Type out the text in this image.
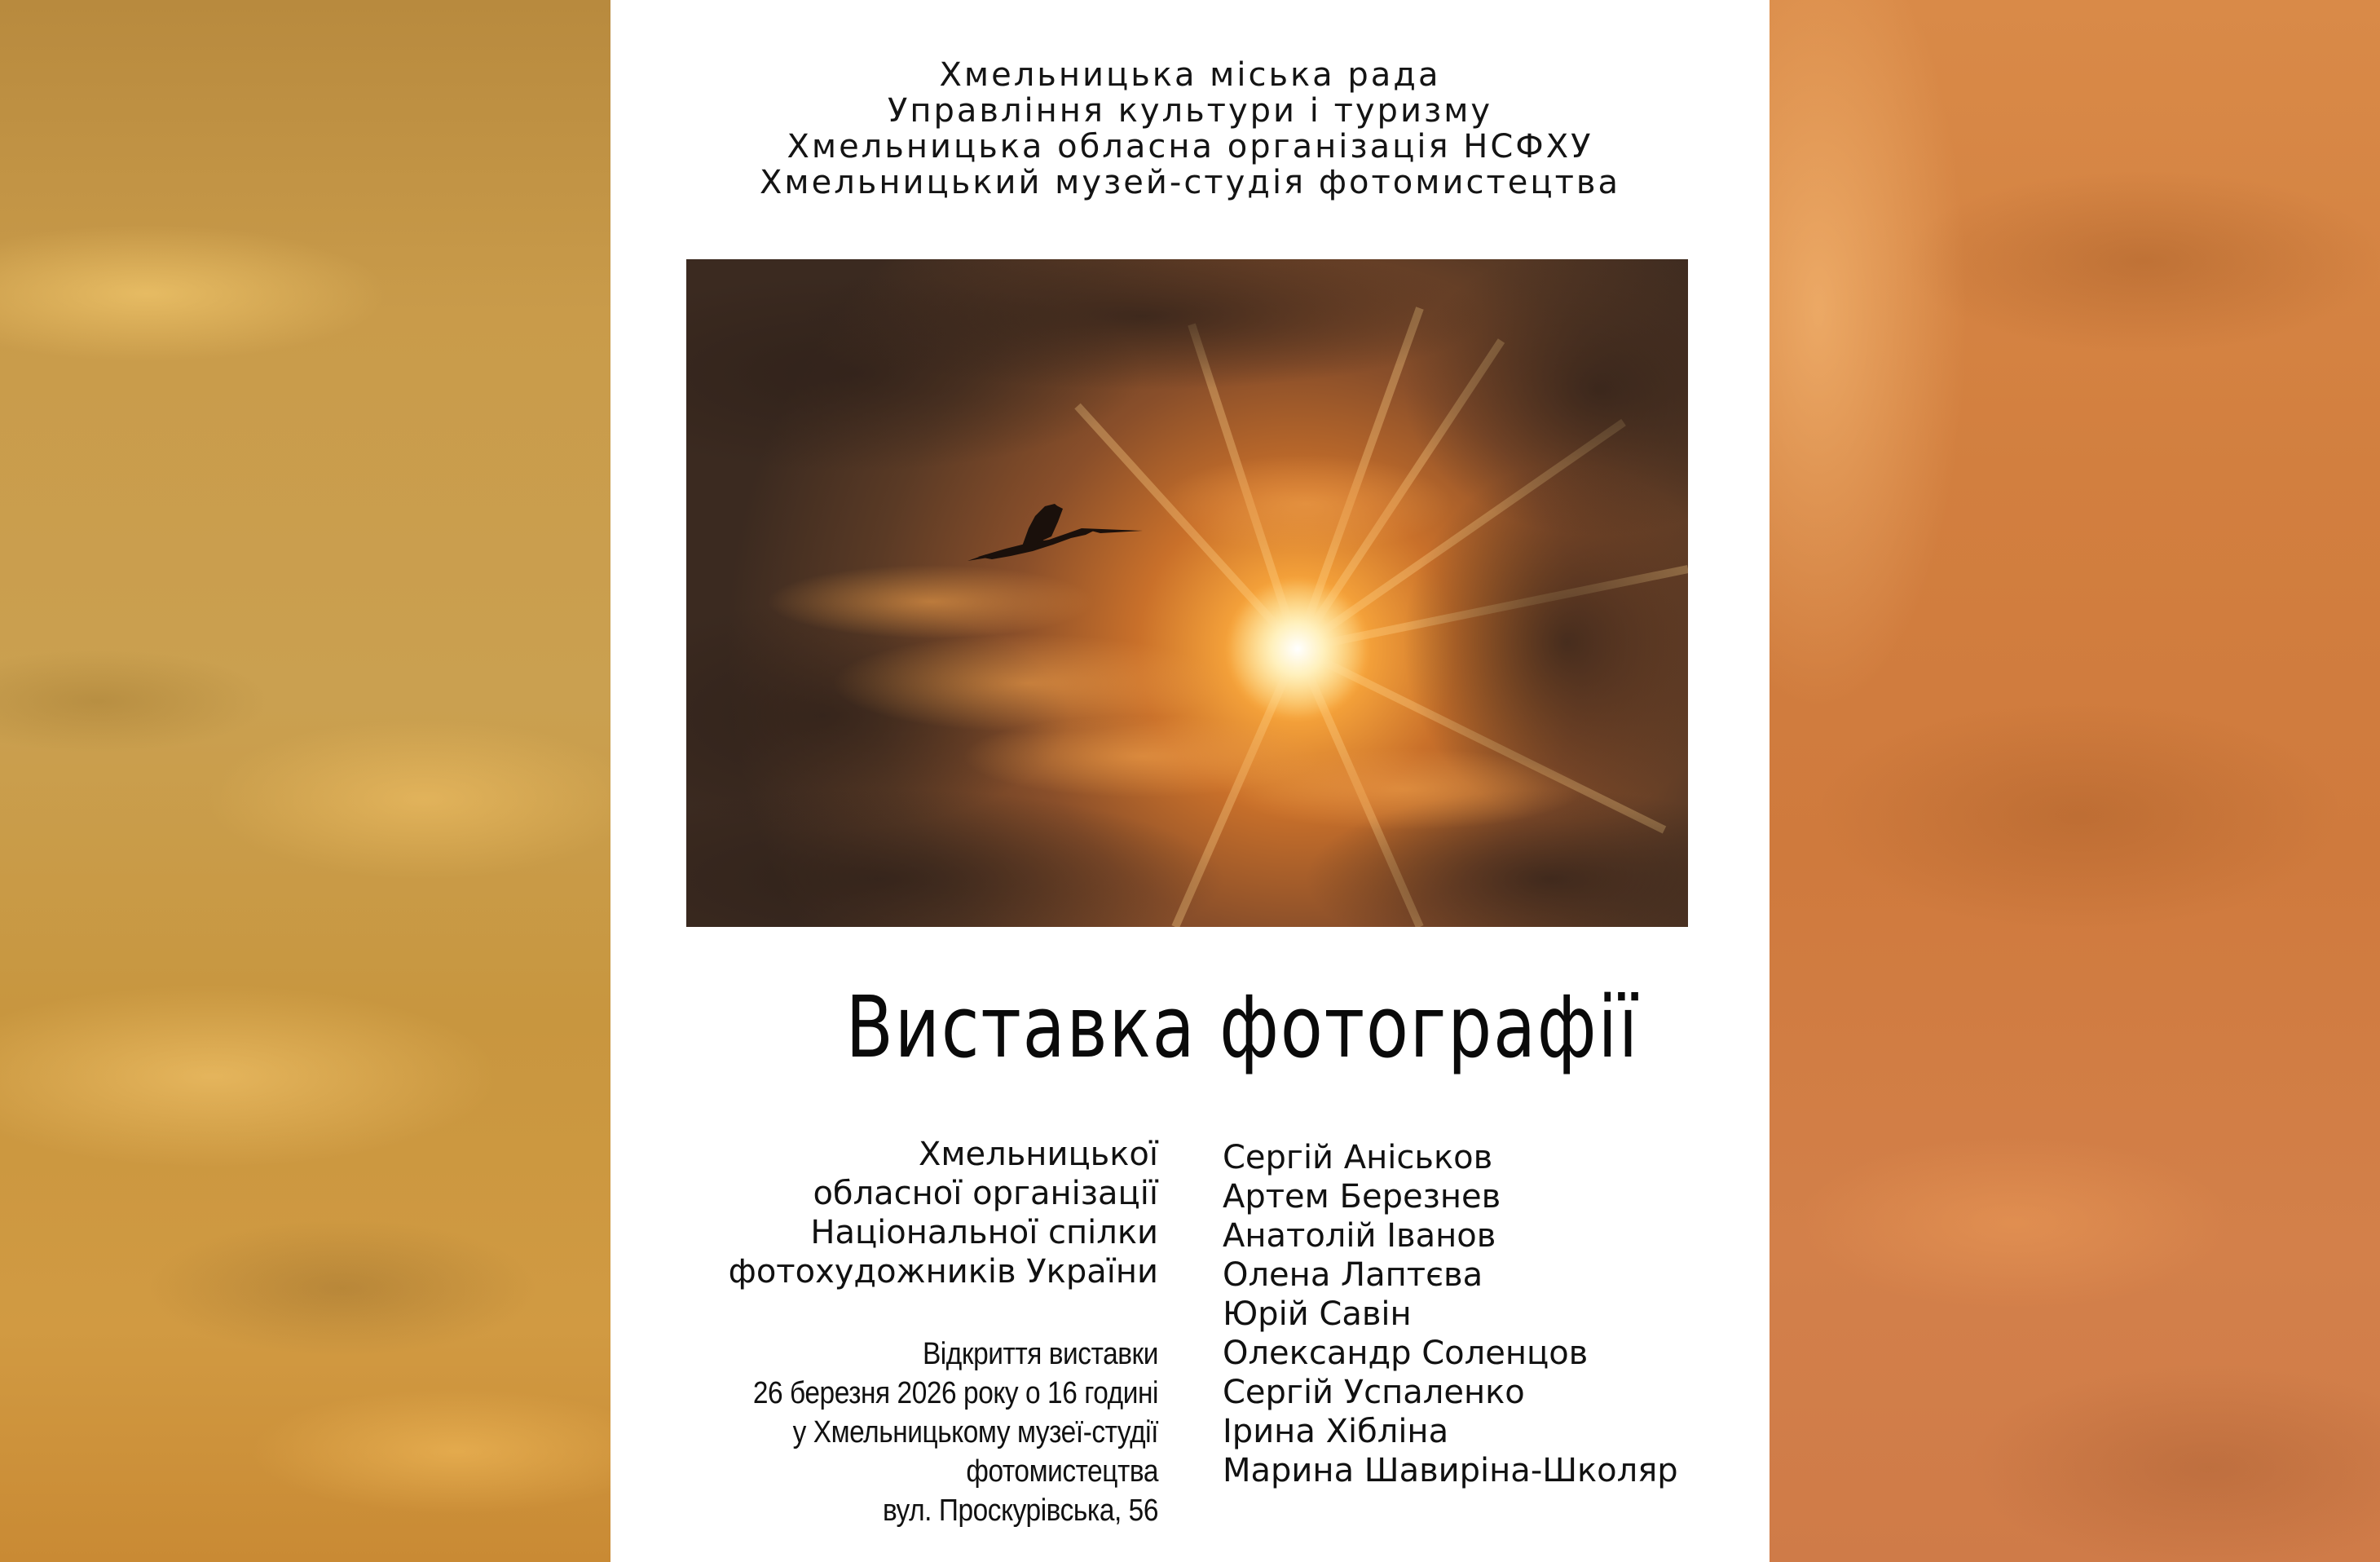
Хмельницька міська рада
Управління культури і туризму
Хмельницька обласна організація НСФХУ
Хмельницький музей-студія фотомистецтва
Виставка фотографії
Хмельницької
обласної організації
Національної спілки
фотохудожників України
Відкриття виставки
26 березня 2026 року о 16 годині
у Хмельницькому музеї-студії
фотомистецтва
вул. Проскурівська, 56
Сергій Аніськов
Артем Березнев
Анатолій Іванов
Олена Лаптєва
Юрій Савін
Олександр Соленцов
Сергій Успаленко
Ірина Хібліна
Марина Шавиріна-Школяр
